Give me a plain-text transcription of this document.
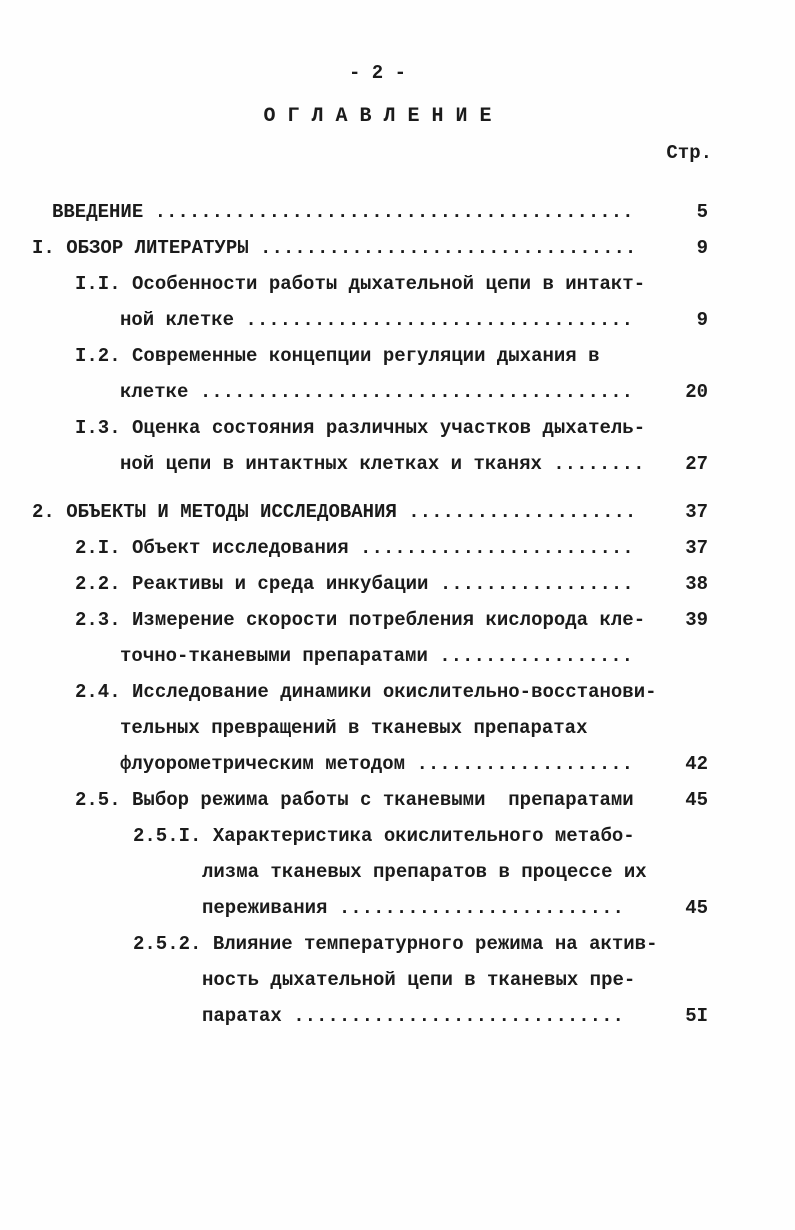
- 2 -
О Г Л А В Л Е Н И Е
Стр.
ВВЕДЕНИЕ ..........................................	5
I. ОБЗОР ЛИТЕРАТУРЫ .................................	9
I.I. Особенности работы дыхательной цепи в интакт-
ной клетке ..................................	9
I.2. Современные концепции регуляции дыхания в
клетке ......................................	20
I.3. Оценка состояния различных участков дыхатель-
ной цепи в интактных клетках и тканях ........	27
2. ОБЪЕКТЫ И МЕТОДЫ ИССЛЕДОВАНИЯ ....................	37
2.I. Объект исследования ........................	37
2.2. Реактивы и среда инкубации .................	38
2.3. Измерение скорости потребления кислорода кле-	39
точно-тканевыми препаратами .................
2.4. Исследование динамики окислительно-восстанови-
тельных превращений в тканевых препаратах
флуорометрическим методом ...................	42
2.5. Выбор режима работы с тканевыми  препаратами	45
2.5.I. Характеристика окислительного метабо-
лизма тканевых препаратов в процессе их
переживания .........................	45
2.5.2. Влияние температурного режима на актив-
ность дыхательной цепи в тканевых пре-
паратах .............................	5I
